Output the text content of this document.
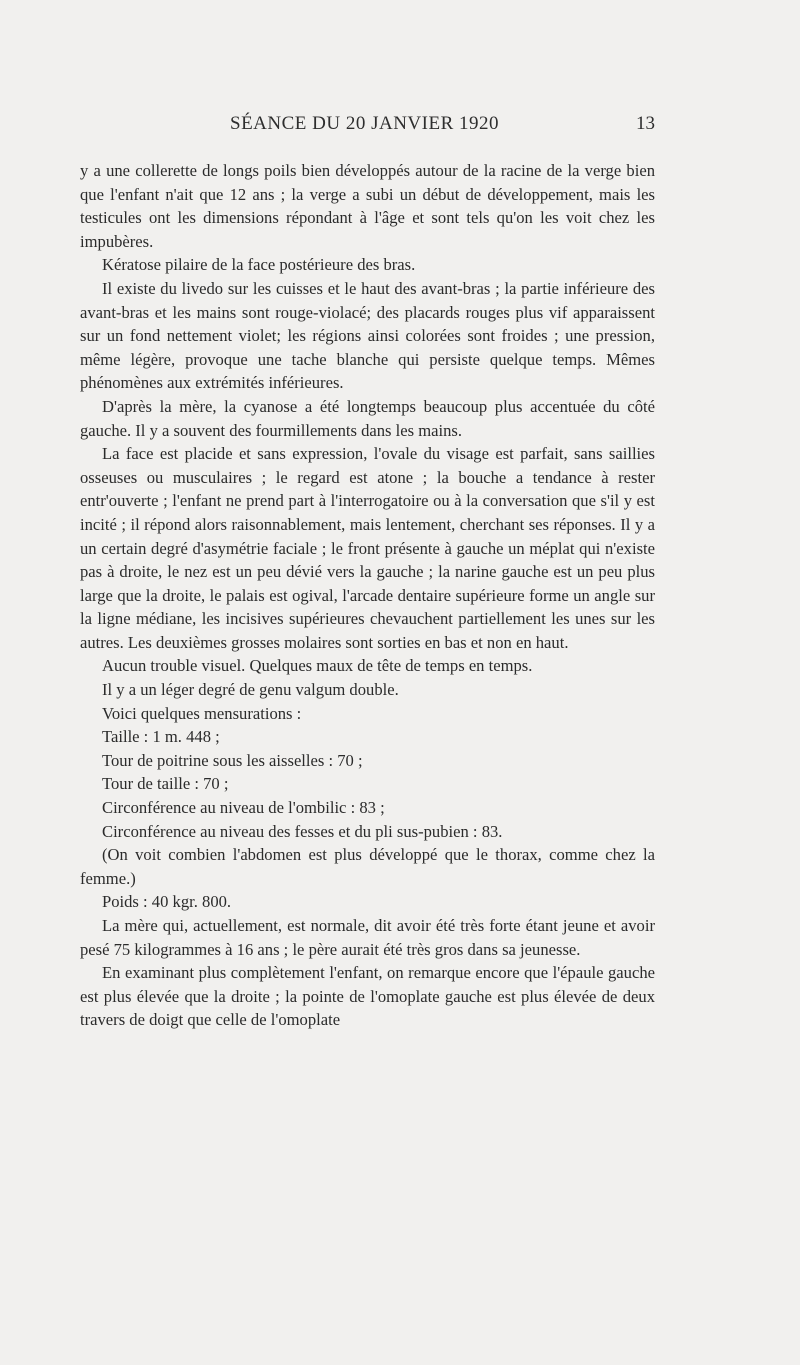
SÉANCE DU 20 JANVIER 1920	13

y a une collerette de longs poils bien développés autour de la racine de la verge bien que l'enfant n'ait que 12 ans ; la verge a subi un début de développement, mais les testicules ont les dimensions répondant à l'âge et sont tels qu'on les voit chez les impubères.

Kératose pilaire de la face postérieure des bras.

Il existe du livedo sur les cuisses et le haut des avant-bras ; la partie inférieure des avant-bras et les mains sont rouge-violacé; des placards rouges plus vif apparaissent sur un fond nettement violet; les régions ainsi colorées sont froides ; une pression, même légère, provoque une tache blanche qui persiste quelque temps. Mêmes phénomènes aux extrémités inférieures.

D'après la mère, la cyanose a été longtemps beaucoup plus accentuée du côté gauche. Il y a souvent des fourmillements dans les mains.

La face est placide et sans expression, l'ovale du visage est parfait, sans saillies osseuses ou musculaires ; le regard est atone ; la bouche a tendance à rester entr'ouverte ; l'enfant ne prend part à l'interrogatoire ou à la conversation que s'il y est incité ; il répond alors raisonnablement, mais lentement, cherchant ses réponses. Il y a un certain degré d'asymétrie faciale ; le front présente à gauche un méplat qui n'existe pas à droite, le nez est un peu dévié vers la gauche ; la narine gauche est un peu plus large que la droite, le palais est ogival, l'arcade dentaire supérieure forme un angle sur la ligne médiane, les incisives supérieures chevauchent partiellement les unes sur les autres. Les deuxièmes grosses molaires sont sorties en bas et non en haut.

Aucun trouble visuel. Quelques maux de tête de temps en temps.

Il y a un léger degré de genu valgum double.

Voici quelques mensurations :

Taille : 1 m. 448 ;

Tour de poitrine sous les aisselles : 70 ;

Tour de taille : 70 ;

Circonférence au niveau de l'ombilic : 83 ;

Circonférence au niveau des fesses et du pli sus-pubien : 83.

(On voit combien l'abdomen est plus développé que le thorax, comme chez la femme.)

Poids : 40 kgr. 800.

La mère qui, actuellement, est normale, dit avoir été très forte étant jeune et avoir pesé 75 kilogrammes à 16 ans ; le père aurait été très gros dans sa jeunesse.

En examinant plus complètement l'enfant, on remarque encore que l'épaule gauche est plus élevée que la droite ; la pointe de l'omoplate gauche est plus élevée de deux travers de doigt que celle de l'omoplate
